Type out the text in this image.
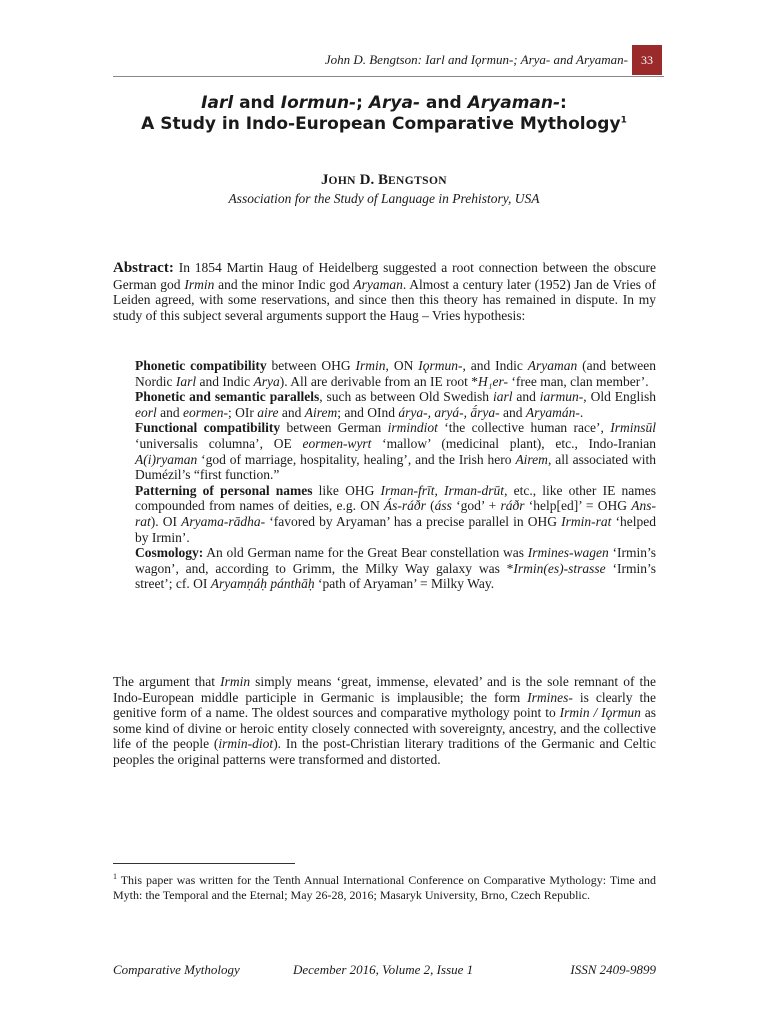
John D. Bengtson: Iarl and Iǫrmun-; Arya- and Aryaman-	33
Iarl and Iormun-; Arya- and Aryaman-:
A Study in Indo-European Comparative Mythology$^1$
JOHN D. BENGTSON
Association for the Study of Language in Prehistory, USA
Abstract: In 1854 Martin Haug of Heidelberg suggested a root connection between the obscure German god Irmin and the minor Indic god Aryaman. Almost a century later (1952) Jan de Vries of Leiden agreed, with some reservations, and since then this theory has remained in dispute. In my study of this subject several arguments support the Haug – Vries hypothesis:

Phonetic compatibility between OHG Irmin, ON Iǫrmun-, and Indic Aryaman (and between Nordic Iarl and Indic Arya). All are derivable from an IE root *H₁er- ‘free man, clan member’.

Phonetic and semantic parallels, such as between Old Swedish iarl and iarmun-, Old English eorl and eormen-; OIr aire and Airem; and OInd árya-, aryá-, ā́rya- and Aryamán-.

Functional compatibility between German irmindiot ‘the collective human race’, Irminsūl ‘universalis columna’, OE eormen-wyrt ‘mallow’ (medicinal plant), etc., Indo-Iranian A(i)ryaman ‘god of marriage, hospitality, healing’, and the Irish hero Airem, all associated with Dumézil’s “first function.”

Patterning of personal names like OHG Irman-frīt, Irman-drūt, etc., like other IE names compounded from names of deities, e.g. ON Ás-ráðr (áss ‘god’ + ráðr ‘help[ed]’ = OHG Ans-rat). OI Aryama-rādha- ‘favored by Aryaman’ has a precise parallel in OHG Irmin-rat ‘helped by Irmin’.

Cosmology: An old German name for the Great Bear constellation was Irmines-wagen ‘Irmin’s wagon’, and, according to Grimm, the Milky Way galaxy was *Irmin(es)-strasse ‘Irmin’s street’; cf. OI Aryamṇáḥ pánthāḥ ‘path of Aryaman’ = Milky Way.

The argument that Irmin simply means ‘great, immense, elevated’ and is the sole remnant of the Indo-European middle participle in Germanic is implausible; the form Irmines- is clearly the genitive form of a name. The oldest sources and comparative mythology point to Irmin / Iǫrmun as some kind of divine or heroic entity closely connected with sovereignty, ancestry, and the collective life of the people (irmin-diot). In the post-Christian literary traditions of the Germanic and Celtic peoples the original patterns were transformed and distorted.
$^1$ This paper was written for the Tenth Annual International Conference on Comparative Mythology: Time and Myth: the Temporal and the Eternal; May 26-28, 2016; Masaryk University, Brno, Czech Republic.
Comparative Mythology	December 2016, Volume 2, Issue 1	ISSN 2409-9899
